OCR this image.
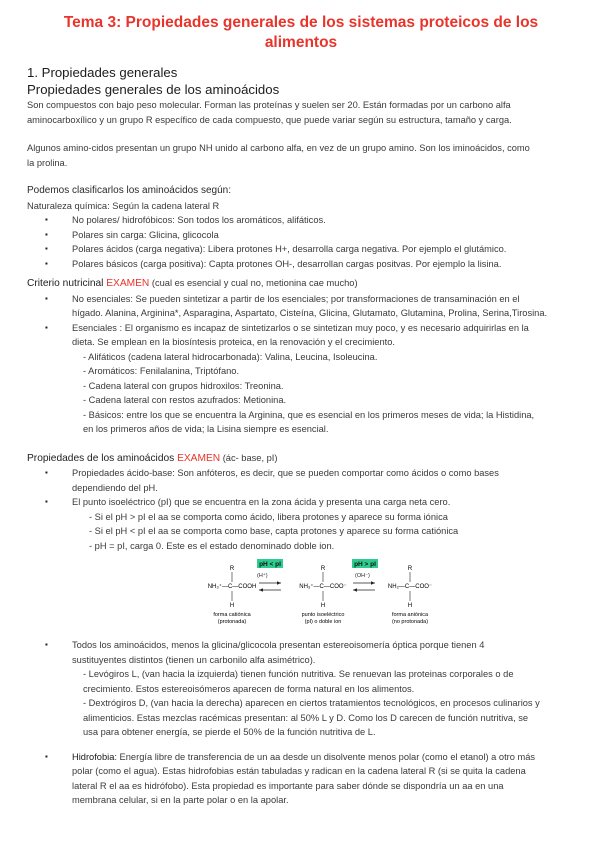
Tema 3: Propiedades generales de los sistemas proteicos de los alimentos
1. Propiedades generales
Propiedades generales de los aminoácidos

Son compuestos con bajo peso molecular. Forman las proteínas y suelen ser 20. Están formadas por un carbono alfa

aminocarboxílico y un grupo R específico de cada compuesto, que puede variar según su estructura, tamaño y carga.

Algunos amino-cidos presentan un grupo NH unido al carbono alfa, en vez de un grupo amino. Son los iminoácidos, como

la prolina.

Podemos clasificarlos los aminoácidos según:

Naturaleza química: Según la cadena lateral R

▪ No polares/ hidrofóbicos: Son todos los aromáticos, alifáticos.
▪ Polares sin carga: Glicina, glicocola
▪ Polares ácidos (carga negativa): Libera protones H+, desarrolla carga negativa. Por ejemplo el glutámico.
▪ Polares básicos (carga positiva): Capta protones OH-, desarrollan cargas positvas. Por ejemplo la lisina.
Criterio nutricinal EXAMEN (cual es esencial y cual no, metionina cae mucho)
▪ No esenciales: Se pueden sintetizar a partir de los esenciales; por transformaciones de transaminación en el
hígado. Alanina, Arginina*, Asparagina, Aspartato, Cisteína, Glicina, Glutamato, Glutamina, Prolina, Serina,Tirosina.
▪ Esenciales : El organismo es incapaz de sintetizarlos o se sintetizan muy poco, y es necesario adquirirlas en la
dieta. Se emplean en la biosíntesis proteica, en la renovación y el crecimiento.
- Alifáticos (cadena lateral hidrocarbonada): Valina, Leucina, Isoleucina.
- Aromáticos: Fenilalanina, Triptófano.
- Cadena lateral con grupos hidroxilos: Treonina.
- Cadena lateral con restos azufrados: Metionina.
- Básicos: entre los que se encuentra la Arginina, que es esencial en los primeros meses de vida; la Histidina,
en los primeros años de vida; la Lisina siempre es esencial.
Propiedades de los aminoácidos EXAMEN (ác- base, pI)
▪ Propiedades ácido-base: Son anfóteros, es decir, que se pueden comportar como ácidos o como bases
dependiendo del pH.
▪ El punto isoeléctrico (pI) que se encuentra en la zona ácida y presenta una carga neta cero.
- Si el pH > pI el aa se comporta como ácido, libera protones y aparece su forma iónica
- Si el pH < pI el aa se comporta como base, capta protones y aparece su forma catiónica
- pH = pI, carga 0. Este es el estado denominado doble ion.
pH < pI	pH > pI
(H⁺)	(OH⁻)
R
NH₃⁺—C—COOH
H
forma catiónica
(protonada)
R
NH₃⁺—C—COO⁻
H
punto isoeléctrico
(pI) o doble ion
R
NH₂—C—COO⁻
H
forma aniónica
(no protonada)
▪ Todos los aminoácidos, menos la glicina/glicocola presentan estereoisomería óptica porque tienen 4
sustituyentes distintos (tienen un carbonilo alfa asimétrico).
- Levógiros L, (van hacia la izquierda) tienen función nutritiva. Se renuevan las proteinas corporales o de
crecimiento. Estos estereoisómeros aparecen de forma natural en los alimentos.
- Dextrógiros D, (van hacia la derecha) aparecen en ciertos tratamientos tecnológicos, en procesos culinarios y
alimenticios. Estas mezclas racémicas presentan: al 50% L y D. Como los D carecen de función nutritiva, se
usa para obtener energía, se pierde el 50% de la función nutritiva de L.
▪ Hidrofobia: Energía libre de transferencia de un aa desde un disolvente menos polar (como el etanol) a otro más
polar (como el agua). Estas hidrofobias están tabuladas y radican en la cadena lateral R (si se quita la cadena
lateral R el aa es hidrófobo). Esta propiedad es importante para saber dónde se dispondría un aa en una
membrana celular, si en la parte polar o en la apolar.
